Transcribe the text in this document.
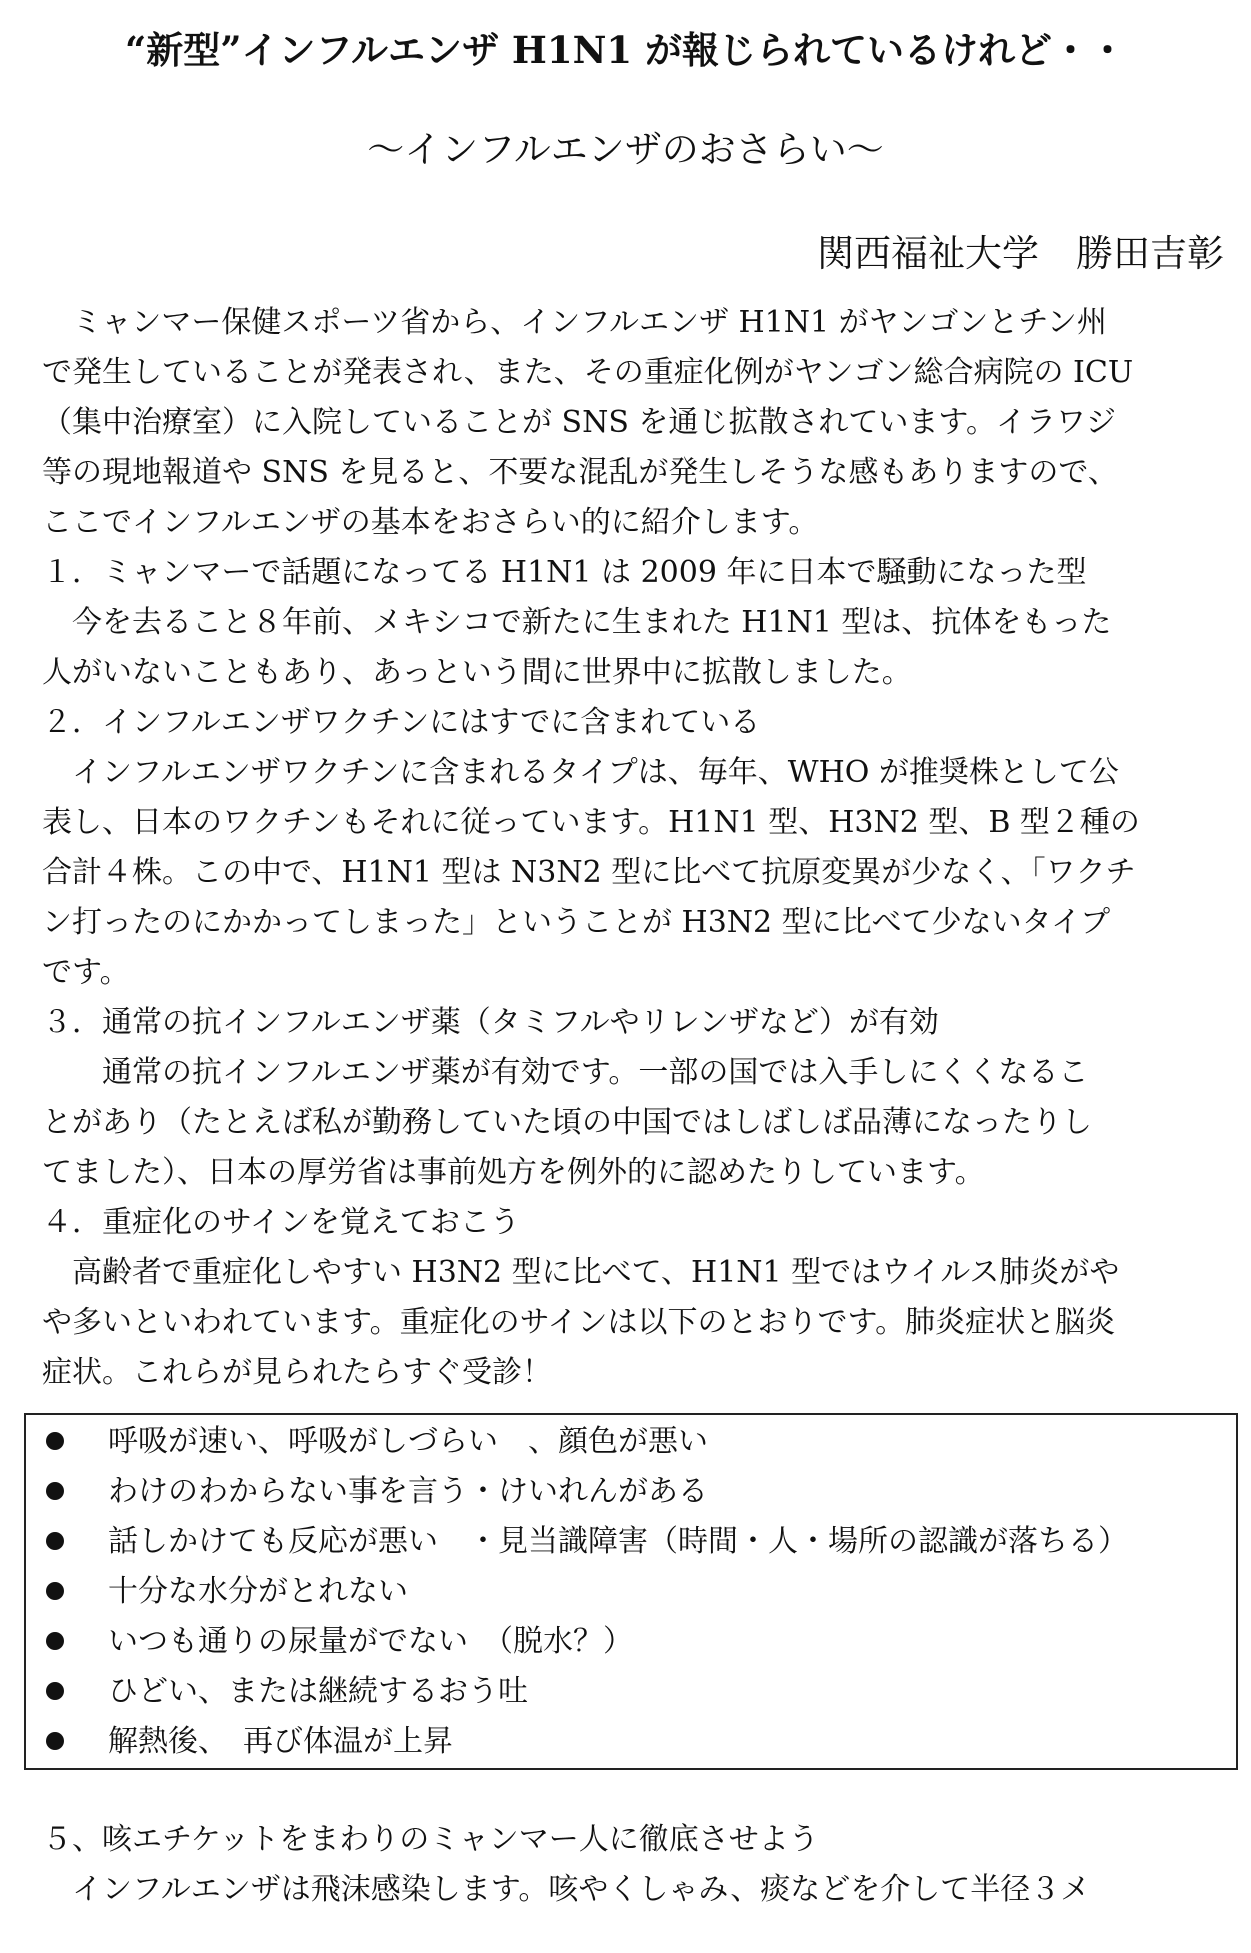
“新型”インフルエンザ H1N1 が報じられているけれど・・
～インフルエンザのおさらい～
関西福祉大学　勝田吉彰
　ミャンマー保健スポーツ省から、インフルエンザ H1N1 がヤンゴンとチン州
で発生していることが発表され、また、その重症化例がヤンゴン総合病院の ICU
（集中治療室）に入院していることが SNS を通じ拡散されています。イラワジ
等の現地報道や SNS を見ると、不要な混乱が発生しそうな感もありますので、
ここでインフルエンザの基本をおさらい的に紹介します。
１．ミャンマーで話題になってる H1N1 は 2009 年に日本で騒動になった型
　今を去ること８年前、メキシコで新たに生まれた H1N1 型は、抗体をもった
人がいないこともあり、あっという間に世界中に拡散しました。
２．インフルエンザワクチンにはすでに含まれている
　インフルエンザワクチンに含まれるタイプは、毎年、WHO が推奨株として公
表し、日本のワクチンもそれに従っています。H1N1 型、H3N2 型、B 型２種の
合計４株。この中で、H1N1 型は N3N2 型に比べて抗原変異が少なく、「ワクチ
ン打ったのにかかってしまった」ということが H3N2 型に比べて少ないタイプ
です。
３．通常の抗インフルエンザ薬（タミフルやリレンザなど）が有効
　　通常の抗インフルエンザ薬が有効です。一部の国では入手しにくくなるこ
とがあり（たとえば私が勤務していた頃の中国ではしばしば品薄になったりし
てました）、日本の厚労省は事前処方を例外的に認めたりしています。
４．重症化のサインを覚えておこう
　高齢者で重症化しやすい H3N2 型に比べて、H1N1 型ではウイルス肺炎がや
や多いといわれています。重症化のサインは以下のとおりです。肺炎症状と脳炎
症状。これらが見られたらすぐ受診！
呼吸が速い、呼吸がしづらい　、顔色が悪い
わけのわからない事を言う・けいれんがある
話しかけても反応が悪い　・見当識障害（時間・人・場所の認識が落ちる）
十分な水分がとれない
いつも通りの尿量がでない　（脱水？）
ひどい、または継続するおう吐
解熱後、　再び体温が上昇
５、咳エチケットをまわりのミャンマー人に徹底させよう
　インフルエンザは飛沫感染します。咳やくしゃみ、痰などを介して半径３メ
